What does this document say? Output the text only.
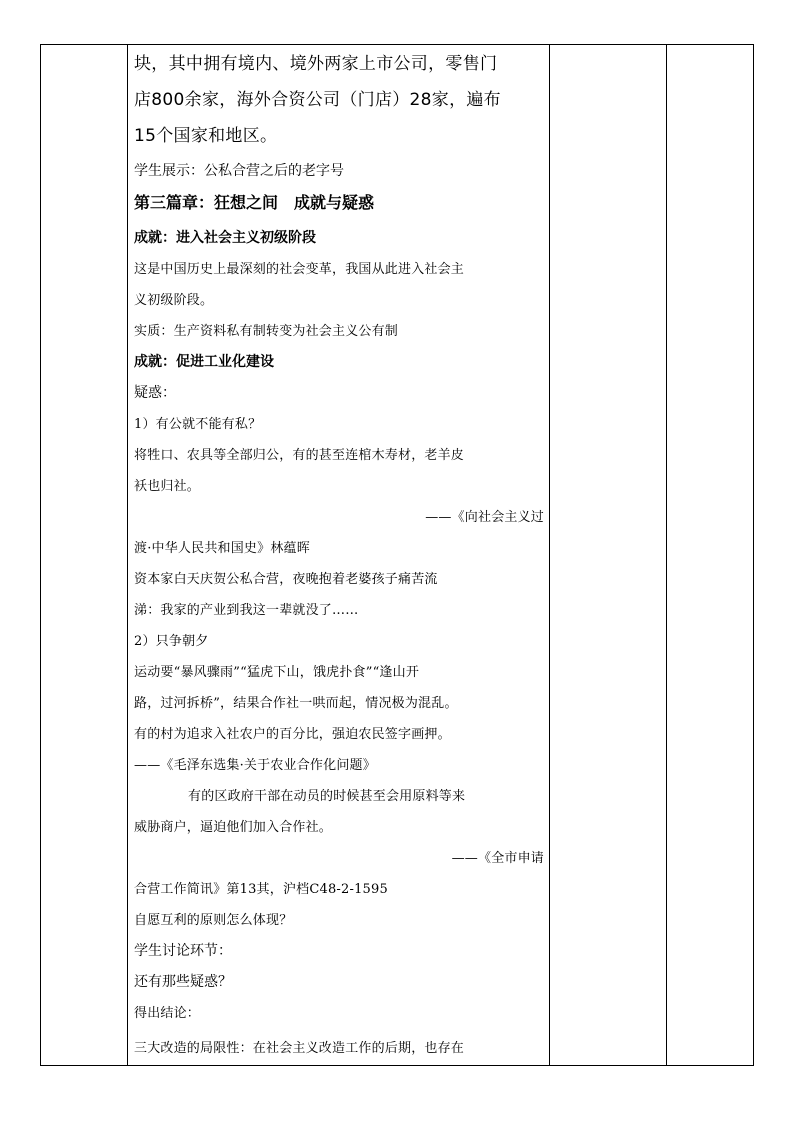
块，其中拥有境内、境外两家上市公司，零售门
店800余家，海外合资公司（门店）28家，遍布
15个国家和地区。
学生展示：公私合营之后的老字号
第三篇章：狂想之间　成就与疑惑
成就：进入社会主义初级阶段
这是中国历史上最深刻的社会变革，我国从此进入社会主
义初级阶段。
实质：生产资料私有制转变为社会主义公有制
成就：促进工业化建设
疑惑：
1）有公就不能有私？
将牲口、农具等全部归公，有的甚至连棺木寿材，老羊皮
袄也归社。
——《向社会主义过
渡·中华人民共和国史》林蕴晖
资本家白天庆贺公私合营，夜晚抱着老婆孩子痛苦流
涕：我家的产业到我这一辈就没了……
2）只争朝夕
运动要“暴风骤雨”“猛虎下山，饿虎扑食”“逢山开
路，过河拆桥”，结果合作社一哄而起，情况极为混乱。
有的村为追求入社农户的百分比，强迫农民签字画押。
——《毛泽东选集·关于农业合作化问题》
有的区政府干部在动员的时候甚至会用原料等来
威胁商户，逼迫他们加入合作社。
——《全市申请
合营工作简讯》第13其，沪档C48-2-1595
自愿互利的原则怎么体现？
学生讨论环节：
还有那些疑惑？
得出结论：
三大改造的局限性：在社会主义改造工作的后期，也存在
